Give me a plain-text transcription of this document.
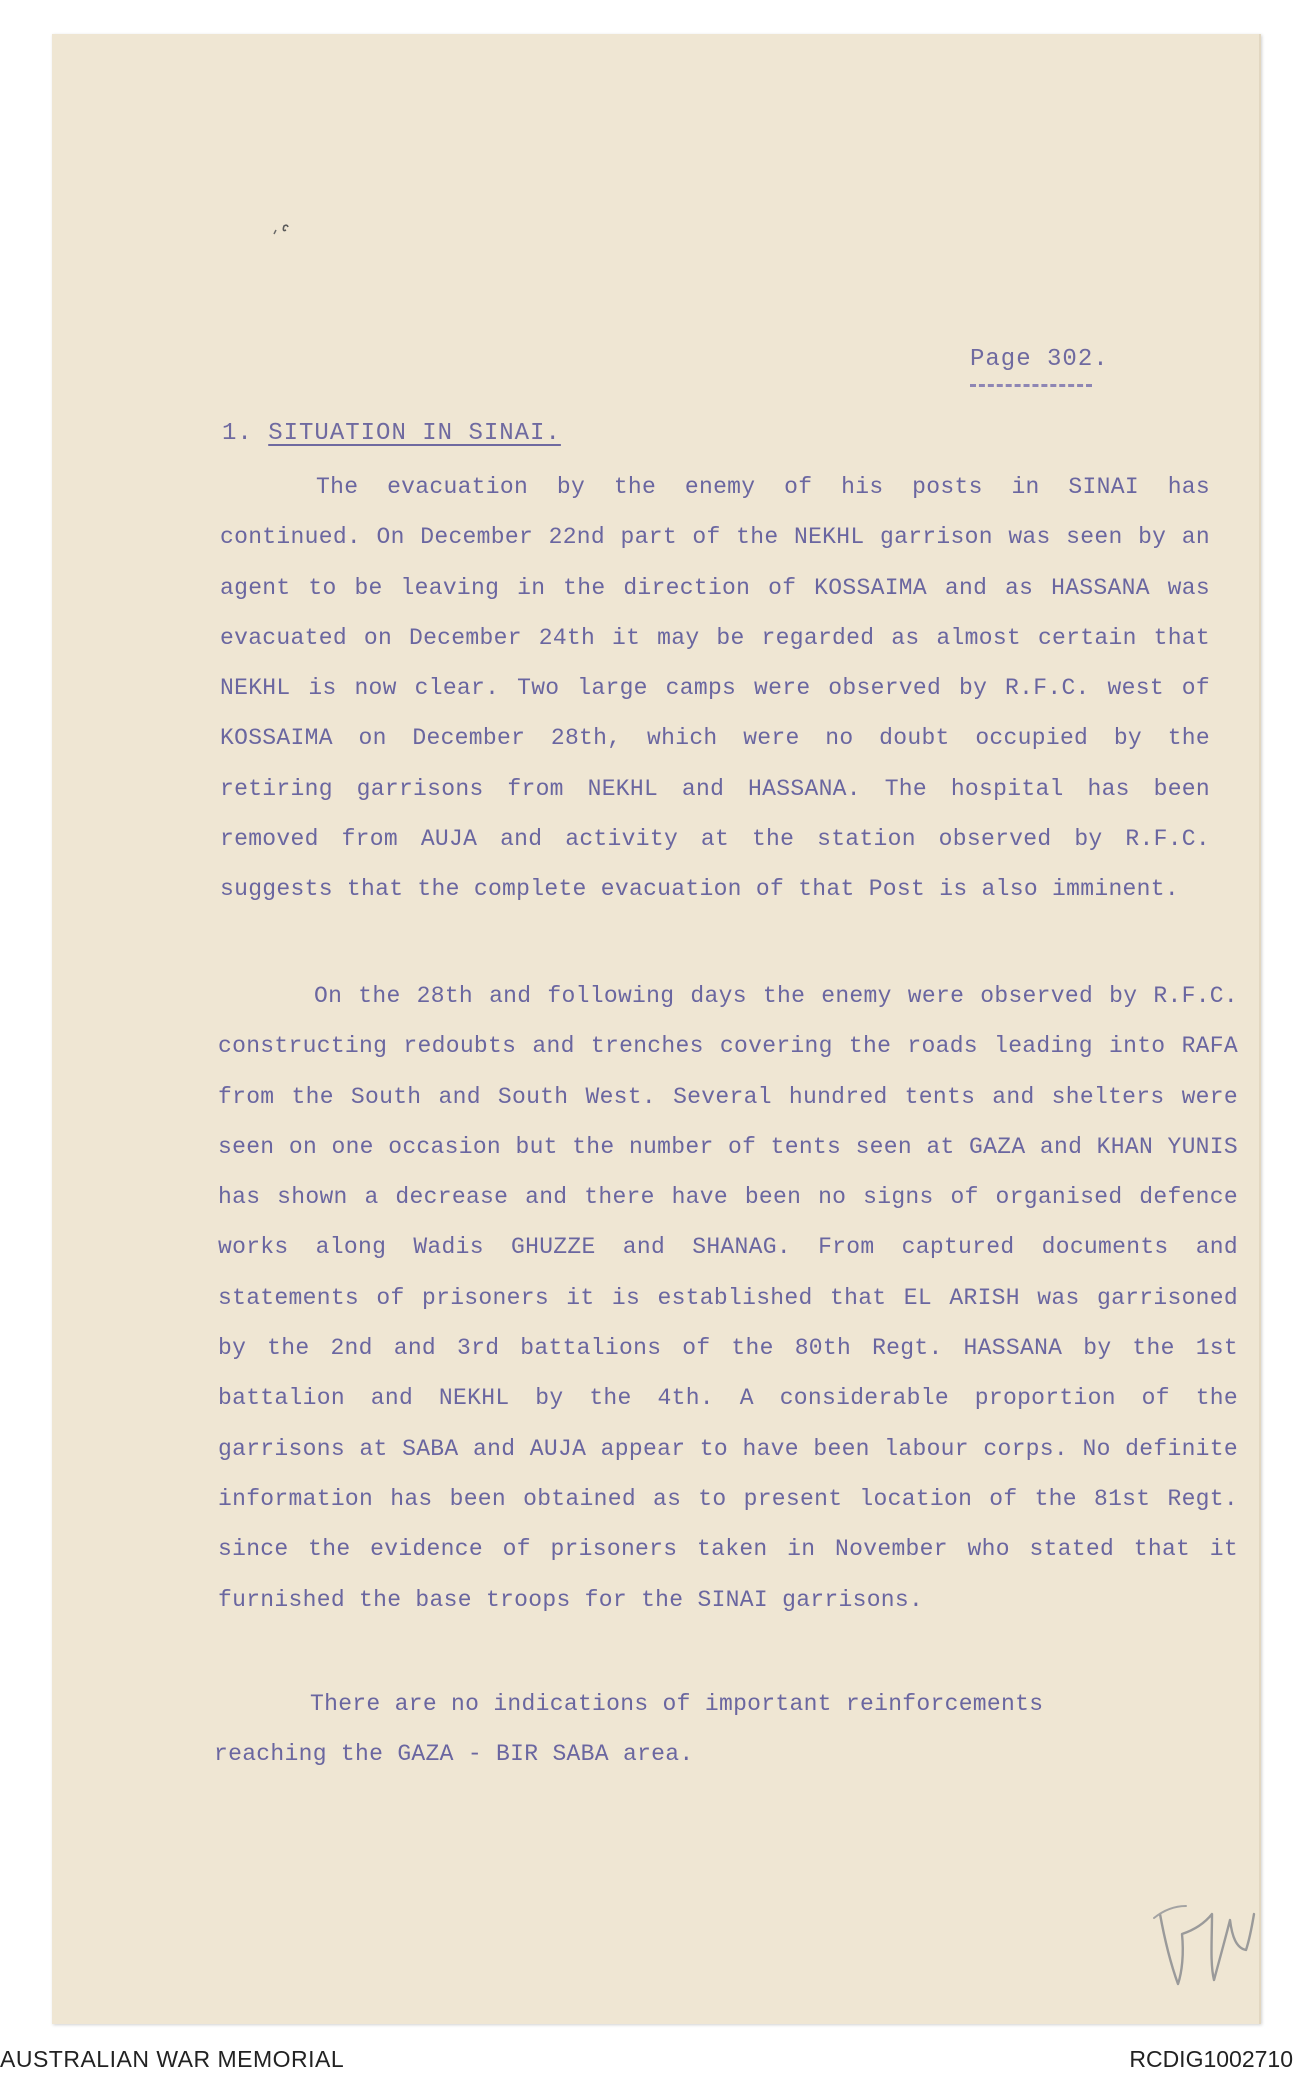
Page 302.
1. SITUATION IN SINAI.

The evacuation by the enemy of his posts in SINAI has continued. On December 22nd part of the NEKHL garrison was seen by an agent to be leaving in the direction of KOSSAIMA and as HASSANA was evacuated on December 24th it may be regarded as almost certain that NEKHL is now clear. Two large camps were observed by R.F.C. west of KOSSAIMA on December 28th, which were no doubt occupied by the retiring garrisons from NEKHL and HASSANA. The hospital has been removed from AUJA and activity at the station observed by R.F.C. suggests that the complete evacuation of that Post is also imminent.

On the 28th and following days the enemy were observed by R.F.C. constructing redoubts and trenches covering the roads leading into RAFA from the South and South West. Several hundred tents and shelters were seen on one occasion but the number of tents seen at GAZA and KHAN YUNIS has shown a decrease and there have been no signs of organised defence works along Wadis GHUZZE and SHANAG. From captured documents and statements of prisoners it is established that EL ARISH was garrisoned by the 2nd and 3rd battalions of the 80th Regt. HASSANA by the 1st battalion and NEKHL by the 4th. A considerable proportion of the garrisons at SABA and AUJA appear to have been labour corps. No definite information has been obtained as to present location of the 81st Regt. since the evidence of prisoners taken in November who stated that it furnished the base troops for the SINAI garrisons.

There are no indications of important reinforcements reaching the GAZA - BIR SABA area.

AUSTRALIAN WAR MEMORIAL	RCDIG1002710
